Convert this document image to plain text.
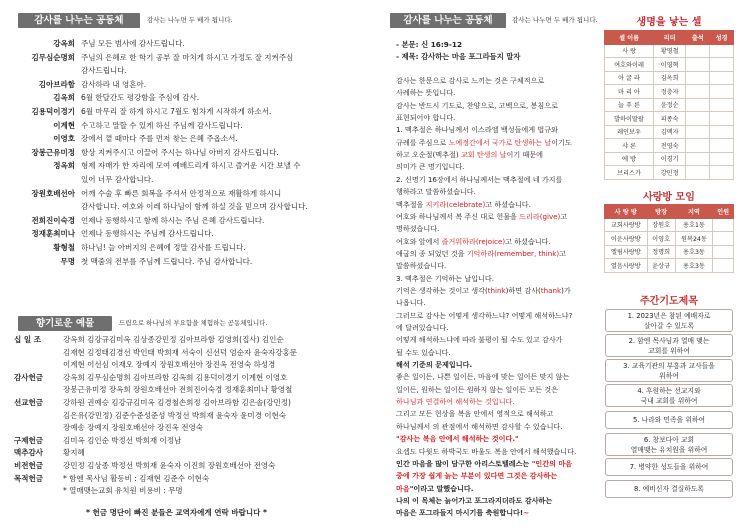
감사를 나누는 공동체	감사는 나누면 두 배가 됩니다.
강옥희 주님 모든 범사에 감사드립니다.
김무심순명희 주님의 은혜로 한 학기 공부 잘 마치게 하시고 가정도 잘 지켜주심
감사드립니다.
김아브라함 감사하라 내 영혼아.
김옥희 6월 한달간도 평강함을 주심에 감사.
김용덕이경기 6월 마무리 잘 하게 하시고 7월도 힘차게 시작하게 하소서.
이계현 수고하고 말할 수 있게 하신 주님께 감사드립니다.
이영호 장에서 꼍 때마다 주를 먼저 찾는 은혜 주옵소서.
장봉근유미정 항상 지켜주시고 이끌어 주시는 하나님 아버지 감사드립니다.
정옥희 형제 자매가 한 자리에 모여 예배드리게 하시고 즐거운 시간 보낼 수
있어 너무 감사합니다.
장원호배선아 어깨 수술 후 빠른 회복을 주셔서 안정적으로 재활하게 하시니
감사합니다. 여호와 이레 하나님이 함께 하실 것을 믿으며 감사합니다.
전희진이숙경 언제나 동행하시고 함께 하시는 주님 은혜 감사드립니다.
정재훈최미나 언제나 동행하시는 주님께 감사드립니다.
황형철 하나님! 늘 아버지의 은혜에 정말 감사를 드립니다.
무명 첫 맥줌의 전부를 주님께 드립니다. 주님 감사합니다.
향기로운 예물	드림으로 하나님의 부요함을 체험하는 공동체입니다.
십 일 조	강옥희 김강규김미옥 김상종강민정 김아브라함 김영희(집사) 김인순
김재현 김정태김경선 박인태 박희재 서숙이 신선덕 엄순자 윤숙자강홍문
이계현 이선심 이재오 장예지 장원호배선아 장진옥 전영숙 하성경
감사헌금	강옥희 김무심순명희 김아브라함 김옥희 김용덕이경기 이계현 이영호
장봉근유미정 장옥희 장원호배선아 전희진이숙경 정재훈최미나 황영철
선교헌금	강하원 권예승 김강규김미옥 김경철손희정 김아브라함 김은솔(강민정)
김은유(강민정) 김준수준성준성 박정선 박희재 윤숙자 윤미경 이현숙
장예송 장예지 장원호배선아 장진옥 전영숙
구제헌금	김미옥 김인순 박정선 박희재 이정남
맥추감사	황지혜
비전헌금	강민정 김상종 박정선 박희재 윤숙자 이진희 장원호배선아 전영숙
목적헌금	* 함엔 목사님 활동비 : 김재현 김준수 이현숙
* 열매맺는교회 유치원 비용비 : 무명
* 헌금 명단이 빠진 분들은 교역자에게 연락 바랍니다 *
감사를 나누는 공동체	감사는 나누면 두 배가 됩니다.
- 본문: 신 16:9-12
- 제목: 감사하는 마음 포그라듬지 말자
감사는 한문으로 감사로 느끼는 것은 구체적으로
사례하는 뜻입니다.
감사는 반드시 기도로, 찬양으로, 고백으로, 봉침으로
표현되어야 합니다.
1. 맥추절은 하나님께서 이스라엘 백성들에게 법규와
규례를 주심으로 노예정간에서 국가로 탄생하는 날이기도
하고 오순절(맥추절) 교회 탄생의 날이기 때문에
의미가 큰 명기입니다.
2. 신명기 16장에서 하나님께서는 맥추절에 네 가지를
행하라고 말씀하셨습니다.
맥추절을 지키라(celebrate)고 하셨습니다.
여호와 하나님께서 복 주신 대로 헌물을 드리라(give)고
명하셨습니다.
여호와 앞에서 즐거워하라(rejoice)고 하셨습니다.
애굽의 종 되었던 것을 기억하라(remember, think)고
말씀하셨습니다.
3. 맥추절은 기억하는 날입니다.
기억은 생각하는 것이고 생각(think)하면 감사(thank)가
나옵니다.
그러므로 감사는 어떻게 생각하느냐? 어떻게 해석하느냐?
에 달려있습니다.
어떻게 해석하느냐에 따라 불평이 될 수도 있고 감사가
될 수도 있습니다.
해석 기준의 문제입니다.
좋은 일이든, 나쁜 일이든, 마음에 맞는 일이든 맞지 않는
일이든, 원하는 일이든 원하지 않는 일이든 모든 것은
하나님과 연결하여 해석하는 것입니다.
그리고 모든 현상을 복음 안에서 영적으로 해석하고
하나님께서 의 관점에서 해석하면 감사할 수 있습니다.
"감사는 복음 안에서 해석하는 것이다."
요셉도 다윗도 하박국도 바울도 복음 안에서 해석했습니다.
인간 마음을 많이 담구한 아리스토텔레스는 "인간의 마음
중에 가장 쉽게 늙는 부분이 있다면 그것은 감사하는
마음"이라고 말했습니다.
나의 이 목체는 늙어가고 포그라지더라도 감사하는
마음은 포그라들지 마시기를 축원합니다!~
생명을 낳는 셀
셀 이름	리더	출석	성경
사 랑	황영철		
여호와이레	이영혁		
아 굴 라	김옥희		
마 리 아	정충자		
늘 푸 른	윤정순		
발하이딸팔	피종숙		
레인보우	김맥자		
샤 론	전영숙		
에 방	이경기		
브리스가	강민정		
사랑방 모임
사 랑 방	방장	지역	인원
교회사랑방	장원호	용호1동	
이운사랑방	이영호	원복24동	
엘림사랑방	정명희	용호3동	
열음사랑방	윤상규	용호3동	
주간기도제목
1. 2023년은 참된 예배자로
살아갈 수 있도록
2. 함엔 목사님과 열매 맺는
교회를 위하여
3. 교육기관의 부흥과 교사들을
위하여
4. 후원하는 선교지와
국내 교회를 위하여
5. 나라와 민족을 위하여
6. 창보다아 교회
열매맺는 유치원을 위하여
7. 병약한 성도들을 위하여
8. 예비신자 결실하도록
